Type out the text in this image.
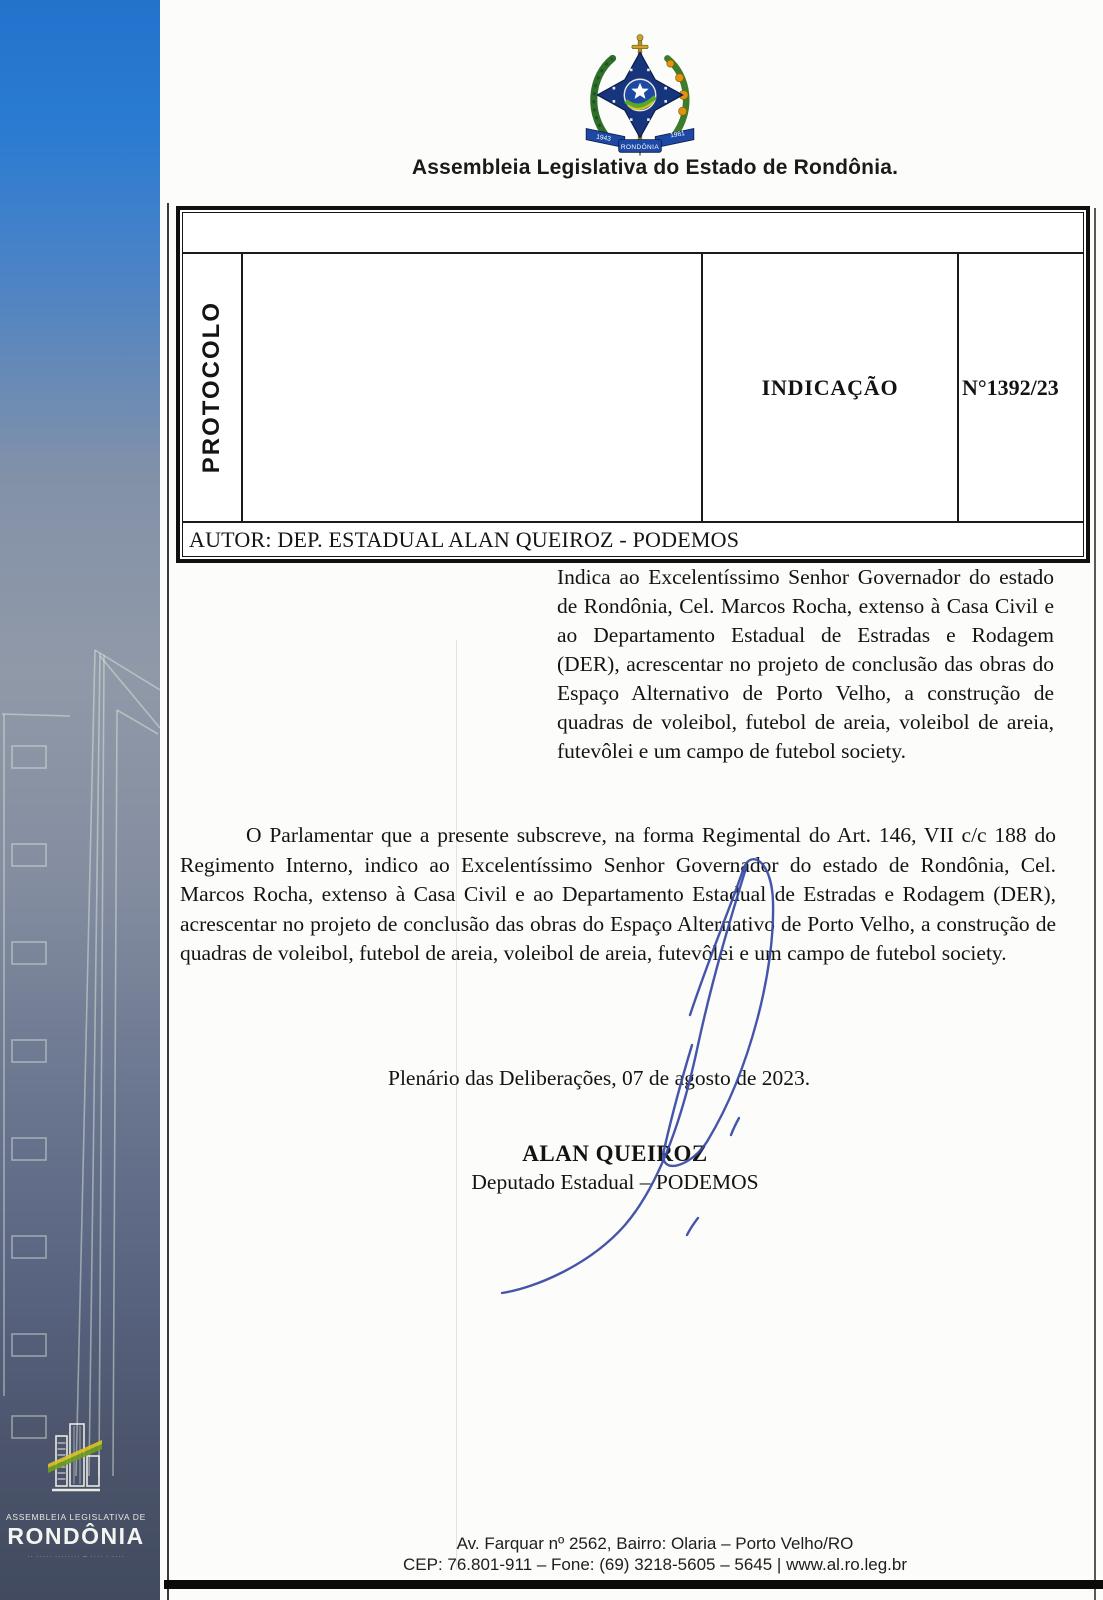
ASSEMBLEIA LEGISLATIVA DE
RONDÔNIA
·· ····· ········ – ···· · ····
1943	1981
RONDÔNIA
Assembleia Legislativa do Estado de Rondônia.
PROTOCOLO	INDICAÇÃO	N°1392/23
AUTOR: DEP. ESTADUAL ALAN QUEIROZ - PODEMOS

Indica ao Excelentíssimo Senhor Governador do estado de Rondônia, Cel. Marcos Rocha, extenso à Casa Civil e ao Departamento Estadual de Estradas e Rodagem (DER), acrescentar no projeto de conclusão das obras do Espaço Alternativo de Porto Velho, a construção de quadras de voleibol, futebol de areia, voleibol de areia, futevôlei e um campo de futebol society.

O Parlamentar que a presente subscreve, na forma Regimental do Art. 146, VII c/c 188 do Regimento Interno, indico ao Excelentíssimo Senhor Governador do estado de Rondônia, Cel. Marcos Rocha, extenso à Casa Civil e ao Departamento Estadual de Estradas e Rodagem (DER), acrescentar no projeto de conclusão das obras do Espaço Alternativo de Porto Velho, a construção de quadras de voleibol, futebol de areia, voleibol de areia, futevôlei e um campo de futebol society.

Plenário das Deliberações, 07 de agosto de 2023.
ALAN QUEIROZ
Deputado Estadual – PODEMOS
Av. Farquar nº 2562, Bairro: Olaria – Porto Velho/RO
CEP: 76.801-911 – Fone: (69) 3218-5605 – 5645 | www.al.ro.leg.br
